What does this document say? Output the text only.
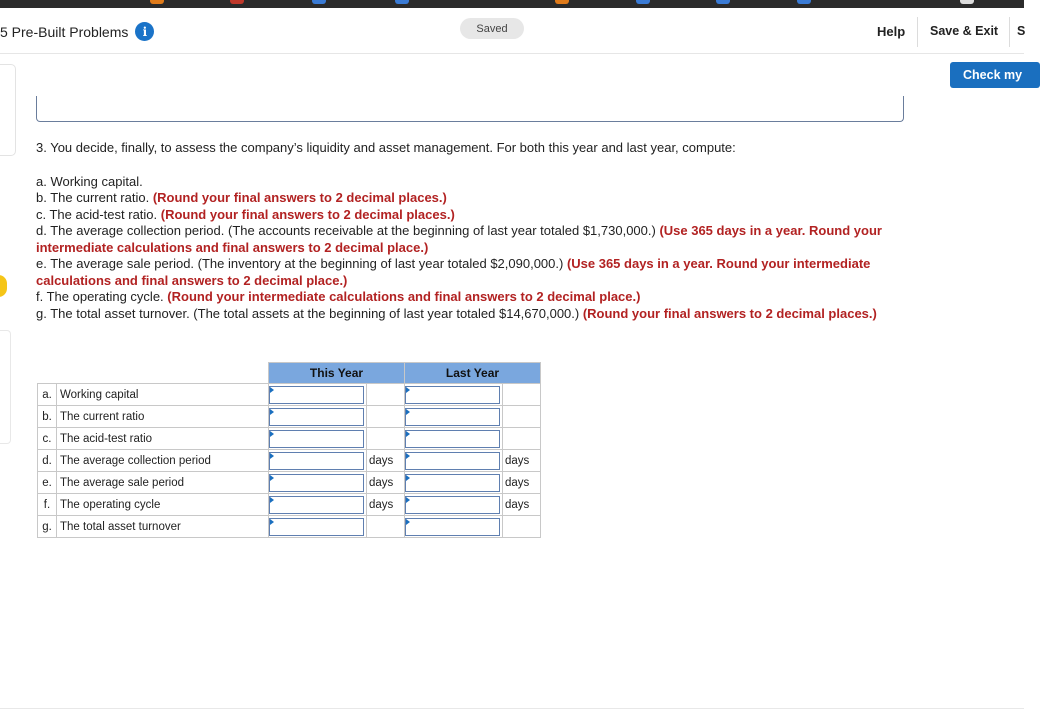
5 Pre-Built Problems	i	Saved	Help Save & Exit S
Check my
3. You decide, finally, to assess the company’s liquidity and asset management. For both this year and last year, compute:
a. Working capital.
b. The current ratio. (Round your final answers to 2 decimal places.)
c. The acid-test ratio. (Round your final answers to 2 decimal places.)
d. The average collection period. (The accounts receivable at the beginning of last year totaled $1,730,000.) (Use 365 days in a year. Round your intermediate calculations and final answers to 2 decimal place.)
e. The average sale period. (The inventory at the beginning of last year totaled $2,090,000.) (Use 365 days in a year. Round your intermediate calculations and final answers to 2 decimal place.)
f. The operating cycle. (Round your intermediate calculations and final answers to 2 decimal place.)
g. The total asset turnover. (The total assets at the beginning of last year totaled $14,670,000.) (Round your final answers to 2 decimal places.)
		This Year		Last Year	
a.	Working capital	

b.	The current ratio	

c.	The acid-test ratio	

d.	The average collection period		days		days
e.	The average sale period		days		days
f.	The operating cycle		days		days
g.	The total asset turnover	
